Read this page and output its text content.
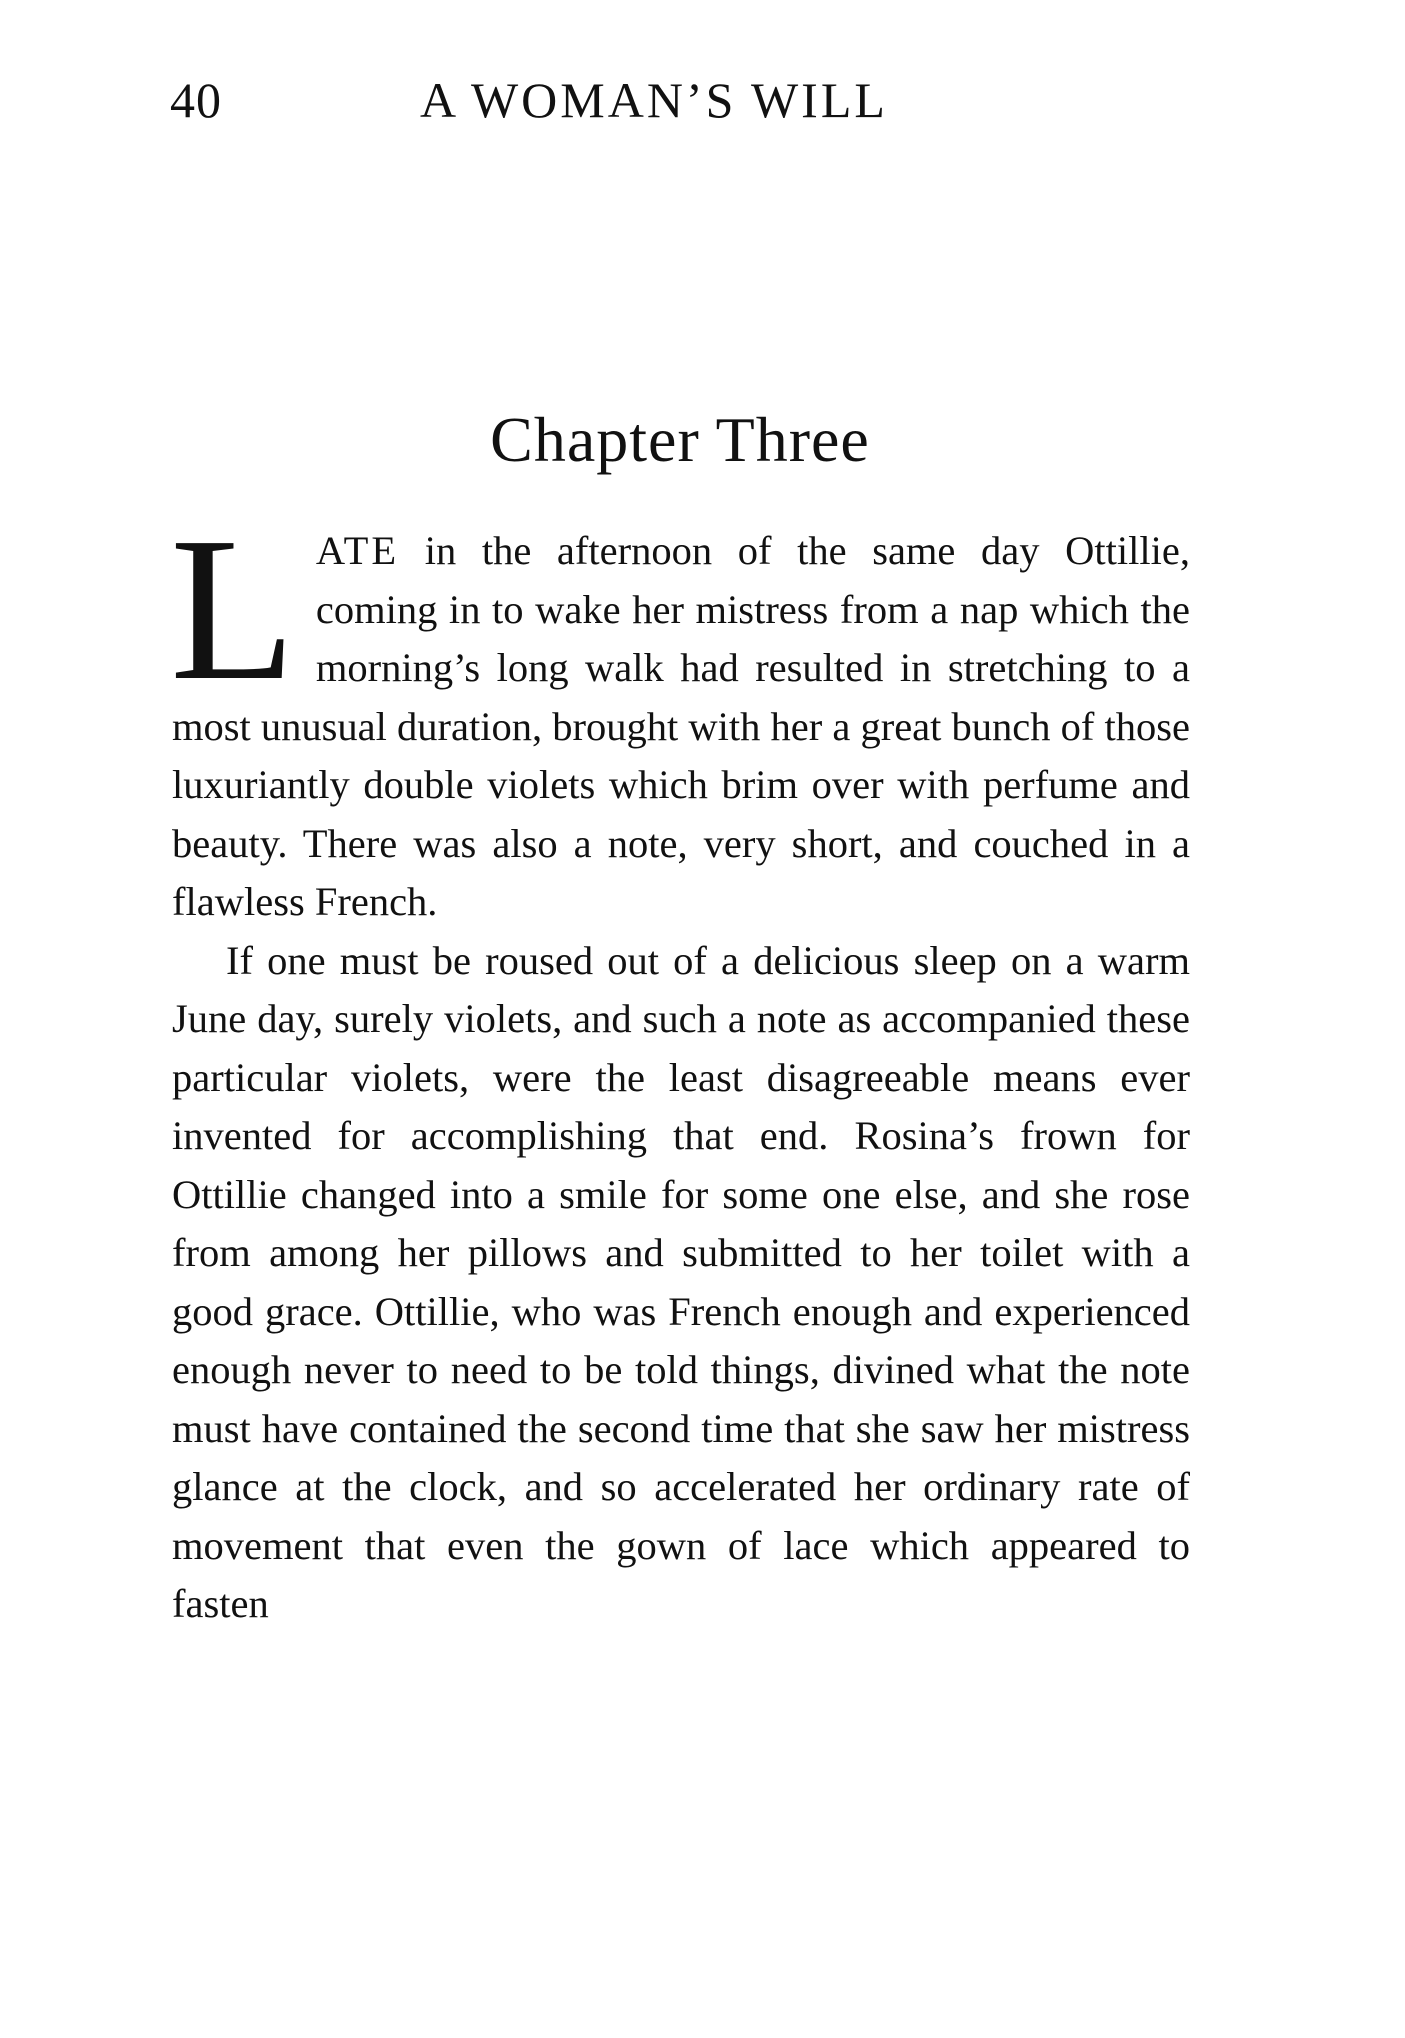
40	A WOMAN’S WILL
Chapter Three

LATE in the afternoon of the same day Ottillie, coming in to wake her mistress from a nap which the morning’s long walk had resulted in stretching to a most unusual duration, brought with her a great bunch of those luxuriantly double violets which brim over with perfume and beauty. There was also a note, very short, and couched in a flawless French.

If one must be roused out of a delicious sleep on a warm June day, surely violets, and such a note as accompanied these particular violets, were the least disagreeable means ever invented for accomplishing that end. Rosina’s frown for Ottillie changed into a smile for some one else, and she rose from among her pillows and submitted to her toilet with a good grace. Ottillie, who was French enough and experienced enough never to need to be told things, divined what the note must have contained the second time that she saw her mistress glance at the clock, and so accelerated her ordinary rate of movement that even the gown of lace which appeared to fasten
